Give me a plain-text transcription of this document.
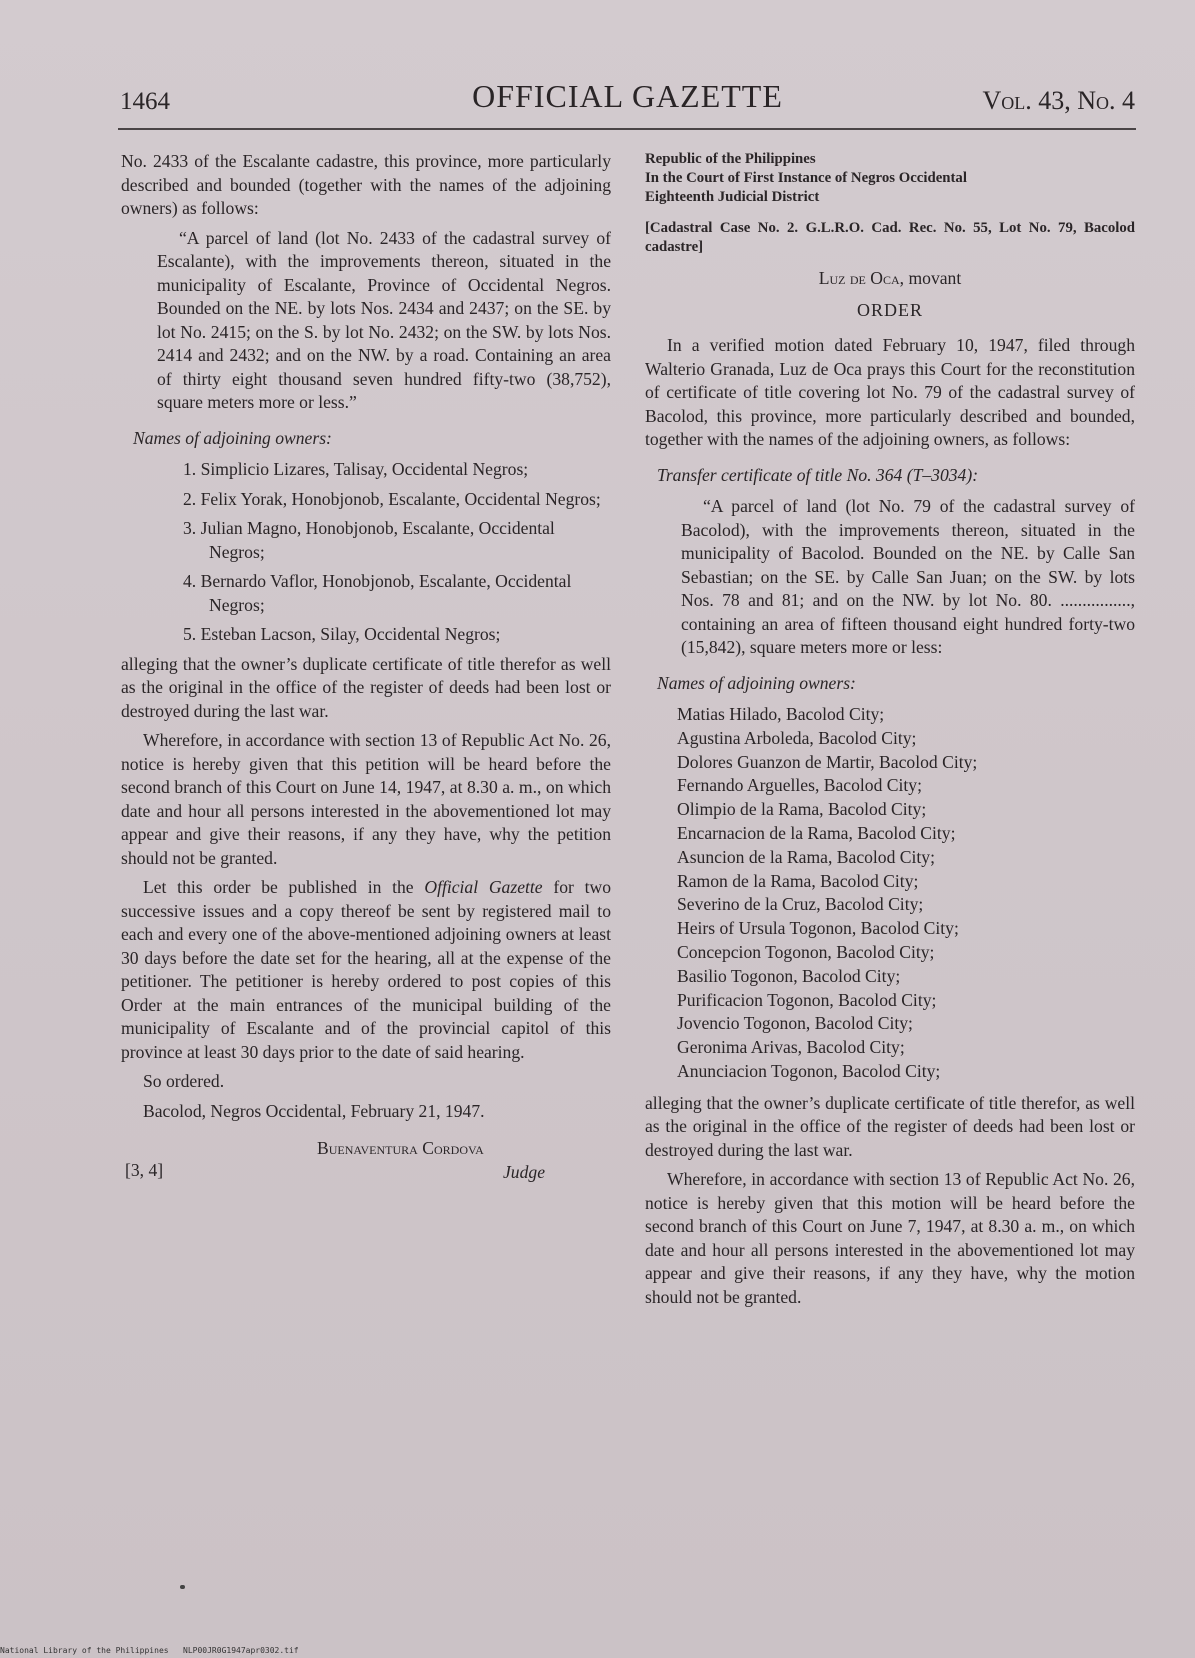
1464	OFFICIAL GAZETTE	Vol. 43, No. 4

No. 2433 of the Escalante cadastre, this province, more particularly described and bounded (together with the names of the adjoining owners) as follows:

“A parcel of land (lot No. 2433 of the cadastral survey of Escalante), with the improvements thereon, situated in the municipality of Escalante, Province of Occidental Negros. Bounded on the NE. by lots Nos. 2434 and 2437; on the SE. by lot No. 2415; on the S. by lot No. 2432; on the SW. by lots Nos. 2414 and 2432; and on the NW. by a road. Containing an area of thirty eight thousand seven hundred fifty-two (38,752), square meters more or less.”

Names of adjoining owners:

1. Simplicio Lizares, Talisay, Occidental Negros;
2. Felix Yorak, Honobjonob, Escalante, Occidental Negros;
3. Julian Magno, Honobjonob, Escalante, Occidental Negros;
4. Bernardo Vaflor, Honobjonob, Escalante, Occidental Negros;
5. Esteban Lacson, Silay, Occidental Negros;

alleging that the owner’s duplicate certificate of title therefor as well as the original in the office of the register of deeds had been lost or destroyed during the last war.

Wherefore, in accordance with section 13 of Republic Act No. 26, notice is hereby given that this petition will be heard before the second branch of this Court on June 14, 1947, at 8.30 a. m., on which date and hour all persons interested in the abovementioned lot may appear and give their reasons, if any they have, why the petition should not be granted.

Let this order be published in the Official Gazette for two successive issues and a copy thereof be sent by registered mail to each and every one of the above-mentioned adjoining owners at least 30 days before the date set for the hearing, all at the expense of the petitioner. The petitioner is hereby ordered to post copies of this Order at the main entrances of the municipal building of the municipality of Escalante and of the provincial capitol of this province at least 30 days prior to the date of said hearing.

So ordered.

Bacolod, Negros Occidental, February 21, 1947.

[3, 4]
Buenaventura Cordova
Judge

Republic of the Philippines
In the Court of First Instance of Negros Occidental
Eighteenth Judicial District

[Cadastral Case No. 2. G.L.R.O. Cad. Rec. No. 55, Lot No. 79, Bacolod cadastre]

Luz de Oca, movant

ORDER

In a verified motion dated February 10, 1947, filed through Walterio Granada, Luz de Oca prays this Court for the reconstitution of certificate of title covering lot No. 79 of the cadastral survey of Bacolod, this province, more particularly described and bounded, together with the names of the adjoining owners, as follows:

Transfer certificate of title No. 364 (T–3034):

“A parcel of land (lot No. 79 of the cadastral survey of Bacolod), with the improvements thereon, situated in the municipality of Bacolod. Bounded on the NE. by Calle San Sebastian; on the SE. by Calle San Juan; on the SW. by lots Nos. 78 and 81; and on the NW. by lot No. 80. ................, containing an area of fifteen thousand eight hundred forty-two (15,842), square meters more or less:

Names of adjoining owners:

Matias Hilado, Bacolod City;
Agustina Arboleda, Bacolod City;
Dolores Guanzon de Martir, Bacolod City;
Fernando Arguelles, Bacolod City;
Olimpio de la Rama, Bacolod City;
Encarnacion de la Rama, Bacolod City;
Asuncion de la Rama, Bacolod City;
Ramon de la Rama, Bacolod City;
Severino de la Cruz, Bacolod City;
Heirs of Ursula Togonon, Bacolod City;
Concepcion Togonon, Bacolod City;
Basilio Togonon, Bacolod City;
Purificacion Togonon, Bacolod City;
Jovencio Togonon, Bacolod City;
Geronima Arivas, Bacolod City;
Anunciacion Togonon, Bacolod City;

alleging that the owner’s duplicate certificate of title therefor, as well as the original in the office of the register of deeds had been lost or destroyed during the last war.

Wherefore, in accordance with section 13 of Republic Act No. 26, notice is hereby given that this motion will be heard before the second branch of this Court on June 7, 1947, at 8.30 a. m., on which date and hour all persons interested in the abovementioned lot may appear and give their reasons, if any they have, why the motion should not be granted.

National Library of the Philippines NLP00JR0G1947apr0302.tif
